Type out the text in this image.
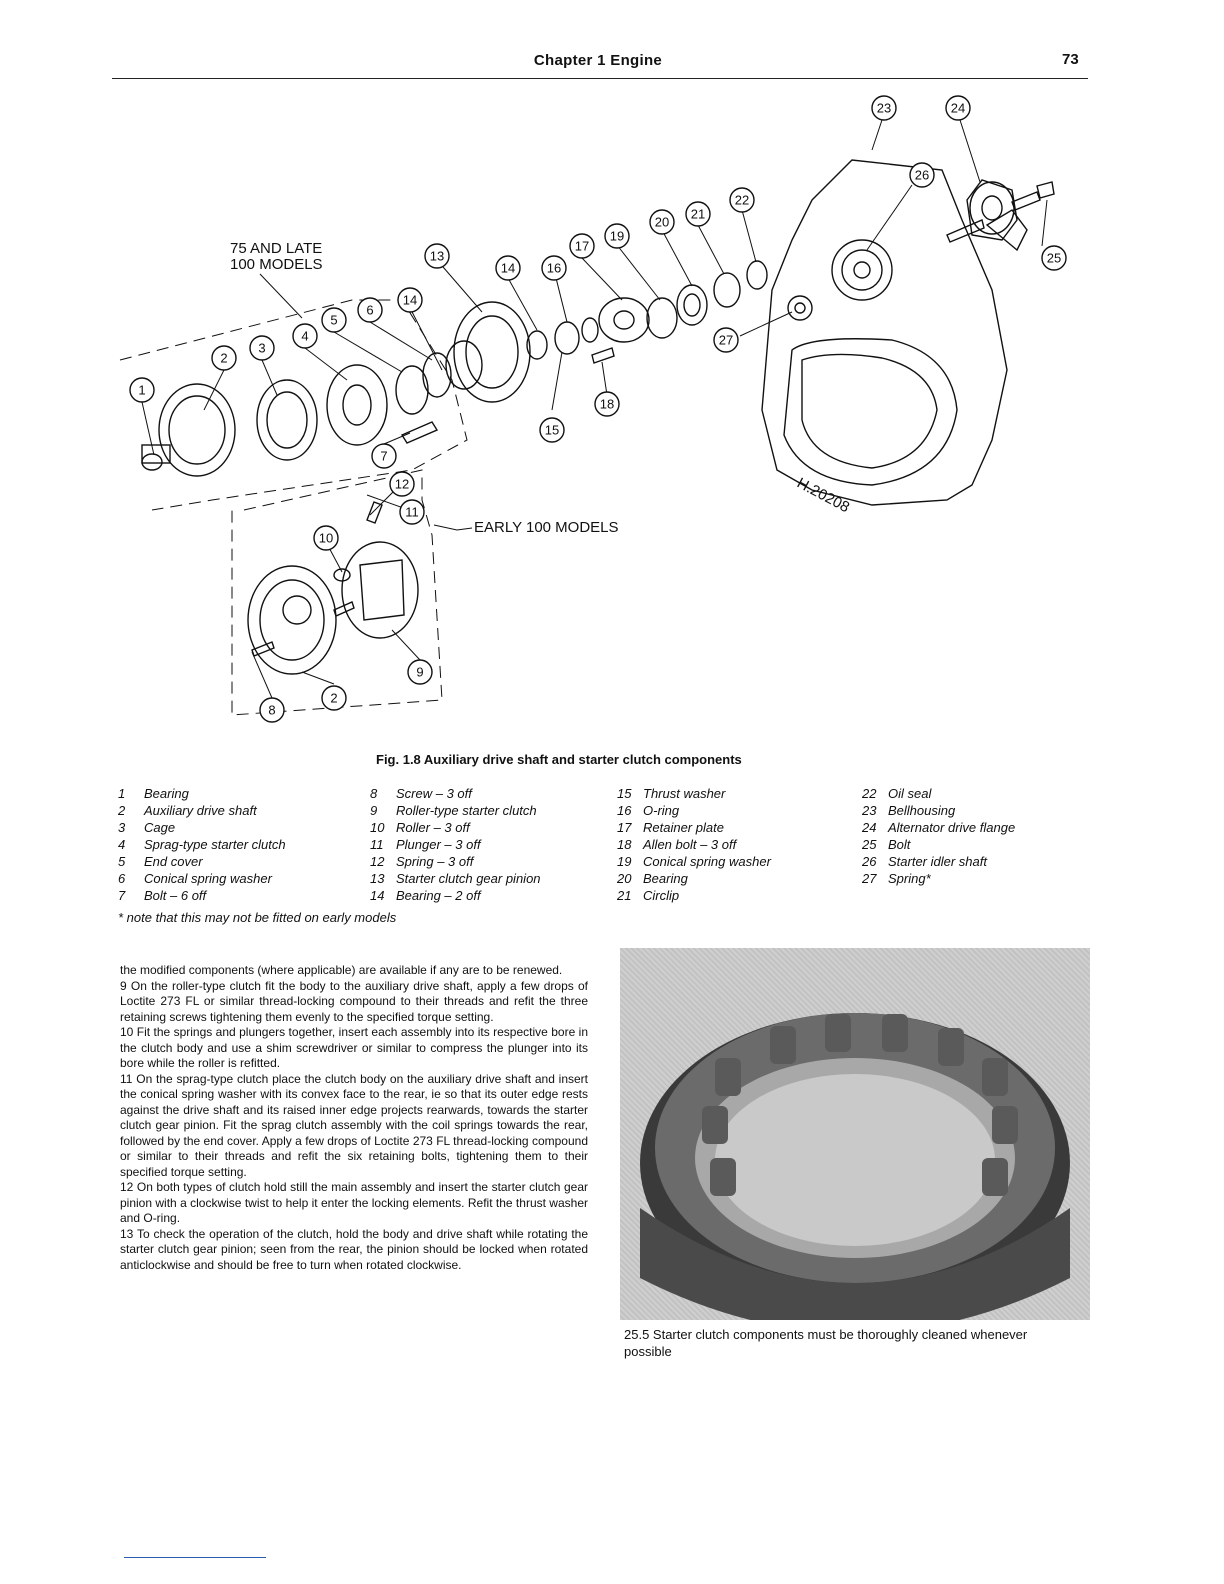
Chapter 1 Engine	73
H.20208
75 AND LATE
100 MODELS
EARLY 100 MODELS
1
2
3
4
5
6
7
8
9
10
11
12
13
14
14
15
16
17
18
19
20
21
22
23	24
25
26
27
2
Fig. 1.8 Auxiliary drive shaft and starter clutch components
1 Bearing
2 Auxiliary drive shaft
3 Cage
4 Sprag-type starter clutch
5 End cover
6 Conical spring washer
7 Bolt – 6 off
8 Screw – 3 off
9 Roller-type starter clutch
10 Roller – 3 off
11 Plunger – 3 off
12 Spring – 3 off
13 Starter clutch gear pinion
14 Bearing – 2 off
15 Thrust washer
16 O-ring
17 Retainer plate
18 Allen bolt – 3 off
19 Conical spring washer
20 Bearing
21 Circlip
22 Oil seal
23 Bellhousing
24 Alternator drive flange
25 Bolt
26 Starter idler shaft
27 Spring*
* note that this may not be fitted on early models

the modified components (where applicable) are available if any are to be renewed.

9 On the roller-type clutch fit the body to the auxiliary drive shaft, apply a few drops of Loctite 273 FL or similar thread-locking compound to their threads and refit the three retaining screws tightening them evenly to the specified torque setting.

10 Fit the springs and plungers together, insert each assembly into its respective bore in the clutch body and use a shim screwdriver or similar to compress the plunger into its bore while the roller is refitted.

11 On the sprag-type clutch place the clutch body on the auxiliary drive shaft and insert the conical spring washer with its convex face to the rear, ie so that its outer edge rests against the drive shaft and its raised inner edge projects rearwards, towards the starter clutch gear pinion. Fit the sprag clutch assembly with the coil springs towards the rear, followed by the end cover. Apply a few drops of Loctite 273 FL thread-locking compound or similar to their threads and refit the six retaining bolts, tightening them to their specified torque setting.

12 On both types of clutch hold still the main assembly and insert the starter clutch gear pinion with a clockwise twist to help it enter the locking elements. Refit the thrust washer and O-ring.

13 To check the operation of the clutch, hold the body and drive shaft while rotating the starter clutch gear pinion; seen from the rear, the pinion should be locked when rotated anticlockwise and should be free to turn when rotated clockwise.

25.5 Starter clutch components must be thoroughly cleaned whenever possible
